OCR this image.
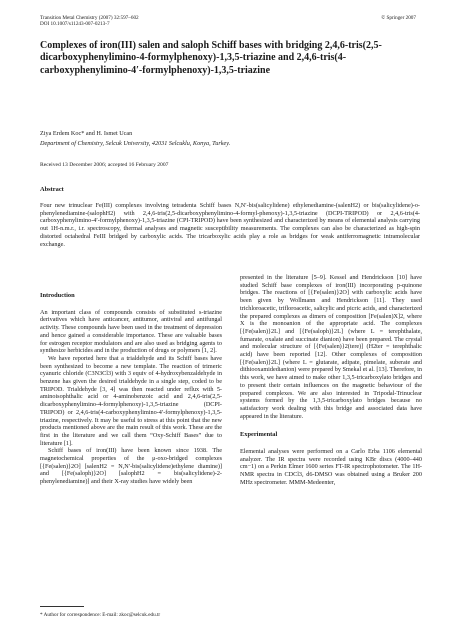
Transition Metal Chemistry (2007) 32:597–602
DOI 10.1007/s11243-007-0213-7
© Springer 2007
Complexes of iron(III) salen and saloph Schiff bases with bridging 2,4,6-tris(2,5-dicarboxyphenylimino-4-formylphenoxy)-1,3,5-triazine and 2,4,6-tris(4-carboxyphenylimino-4′-formylphenoxy)-1,3,5-triazine
Ziya Erdem Koc* and H. Ismet Ucan
Department of Chemistry, Selcuk University, 42031 Selcuklu, Konya, Turkey.
Received 13 December 2006; accepted 16 February 2007
Abstract
Four new trinuclear Fe(III) complexes involving tetradenta Schiff bases N,N′-bis(salicylidene) ethylenediamine-(salenH2) or bis(salicylidene)-o-phenylenediamine-(salophH2) with 2,4,6-tris(2,5-dicarboxyphenylimino-4-formyl-phenoxy)-1,3,5-triazine (DCPI-TRIPOD) or 2,4,6-tris(4-carboxyphenylimino-4′-formylphenoxy)-1,3,5-triazine (CPI-TRIPOD) have been synthesized and characterized by means of elemental analysis carrying out 1H-n.m.r., i.r. spectroscopy, thermal analyses and magnetic susceptibility measurements. The complexes can also be characterized as high-spin distorted octahedral FeIII bridged by carboxylic acids. The tricarboxylic acids play a role as bridges for weak antiferromagnetic intramolecular exchange.

Introduction

An important class of compounds consists of substituted s-triazine derivatives which have anticancer, antitumor, antiviral and antifungal activity. These compounds have been used in the treatment of depression and hence gained a considerable importance. These are valuable bases for estrogen receptor modulators and are also used as bridging agents to synthesize herbicides and in the production of drugs or polymers [1, 2].

We have reported here that a trialdehyde and its Schiff bases have been synthesized to become a new template. The reaction of trimeric cyanuric chloride (C3N3Cl3) with 3 equiv of 4-hydroxybenzaldehyde in benzene has given the desired trialdehyde in a single step, coded to be TRIPOD. Trialdehyde [3, 4] was then reacted under reflux with 5-aminoisophthalic acid or 4-aminobenzoic acid and 2,4,6-tris(2,5-dicarboxyphenylimino-4-formylphenoxy)-1,3,5-triazine (DCPI-TRIPOD) or 2,4,6-tris(4-carboxyphenylimino-4′-formylphenoxy)-1,3,5-triazine, respectively. It may be useful to stress at this point that the new products mentioned above are the main result of this work. These are the first in the literature and we call them “Oxy-Schiff Bases” due to literature [1].

Schiff bases of iron(III) have been known since 1938. The magnetochemical properties of the μ-oxo-bridged complexes [{Fe(salen)}2O] [salenH2 = N,N′-bis(salicylidene)ethylene diamine)] and [{Fe(saloph)}2O] [salophH2 = bis(salicylidene)-2-phenylenediamine)] and their X-ray studies have widely been

presented in the literature [5–9]. Kessel and Hendrickson [10] have studied Schiff base complexes of iron(III) incorporating p-quinone bridges. The reactions of [{Fe(salen)}2O] with carboxylic acids have been given by Wollmann and Hendrickson [11]. They used trichloroacetic, trifloroacetic, salicylic and picric acids, and characterized the prepared complexes as dimers of composition [Fe(salen)X]2, where X is the monoanion of the appropriate acid. The complexes [{Fe(salen)}2L] and [{Fe(saloph)}2L] (where L = terephthalate, fumarate, oxalate and succinate dianion) have been prepared. The crystal and molecular structure of [{Fe(salen)}2(tere)] (H2ter = terephthalic acid) have been reported [12]. Other complexes of composition [{Fe(salen)}2L] (where L = glutarate, adipate, pimelate, suberate and dithiooxamidedianion) were prepared by Smekal et al. [13]. Therefore, in this work, we have aimed to make other 1,3,5-tricarboxylato bridges and to present their certain influences on the magnetic behaviour of the prepared complexes. We are also interested in Tripodal-Trinuclear systems formed by the 1,3,5-tricarboxylato bridges because no satisfactory work dealing with this bridge and associated data have appeared in the literature.

Experimental

Elemental analyses were performed on a Carlo Erba 1106 elemental analyzer. The IR spectra were recorded using KBr discs (4000–440 cm−1) on a Perkin Elmer 1600 series FT-IR spectrophotometer. The 1H-NMR spectra in CDCl3, d6-DMSO was obtained using a Bruker 200 MHz spectrometer. MMM-Medeenter,

* Author for correspondence: E-mail: zkoc@selcuk.edu.tr
